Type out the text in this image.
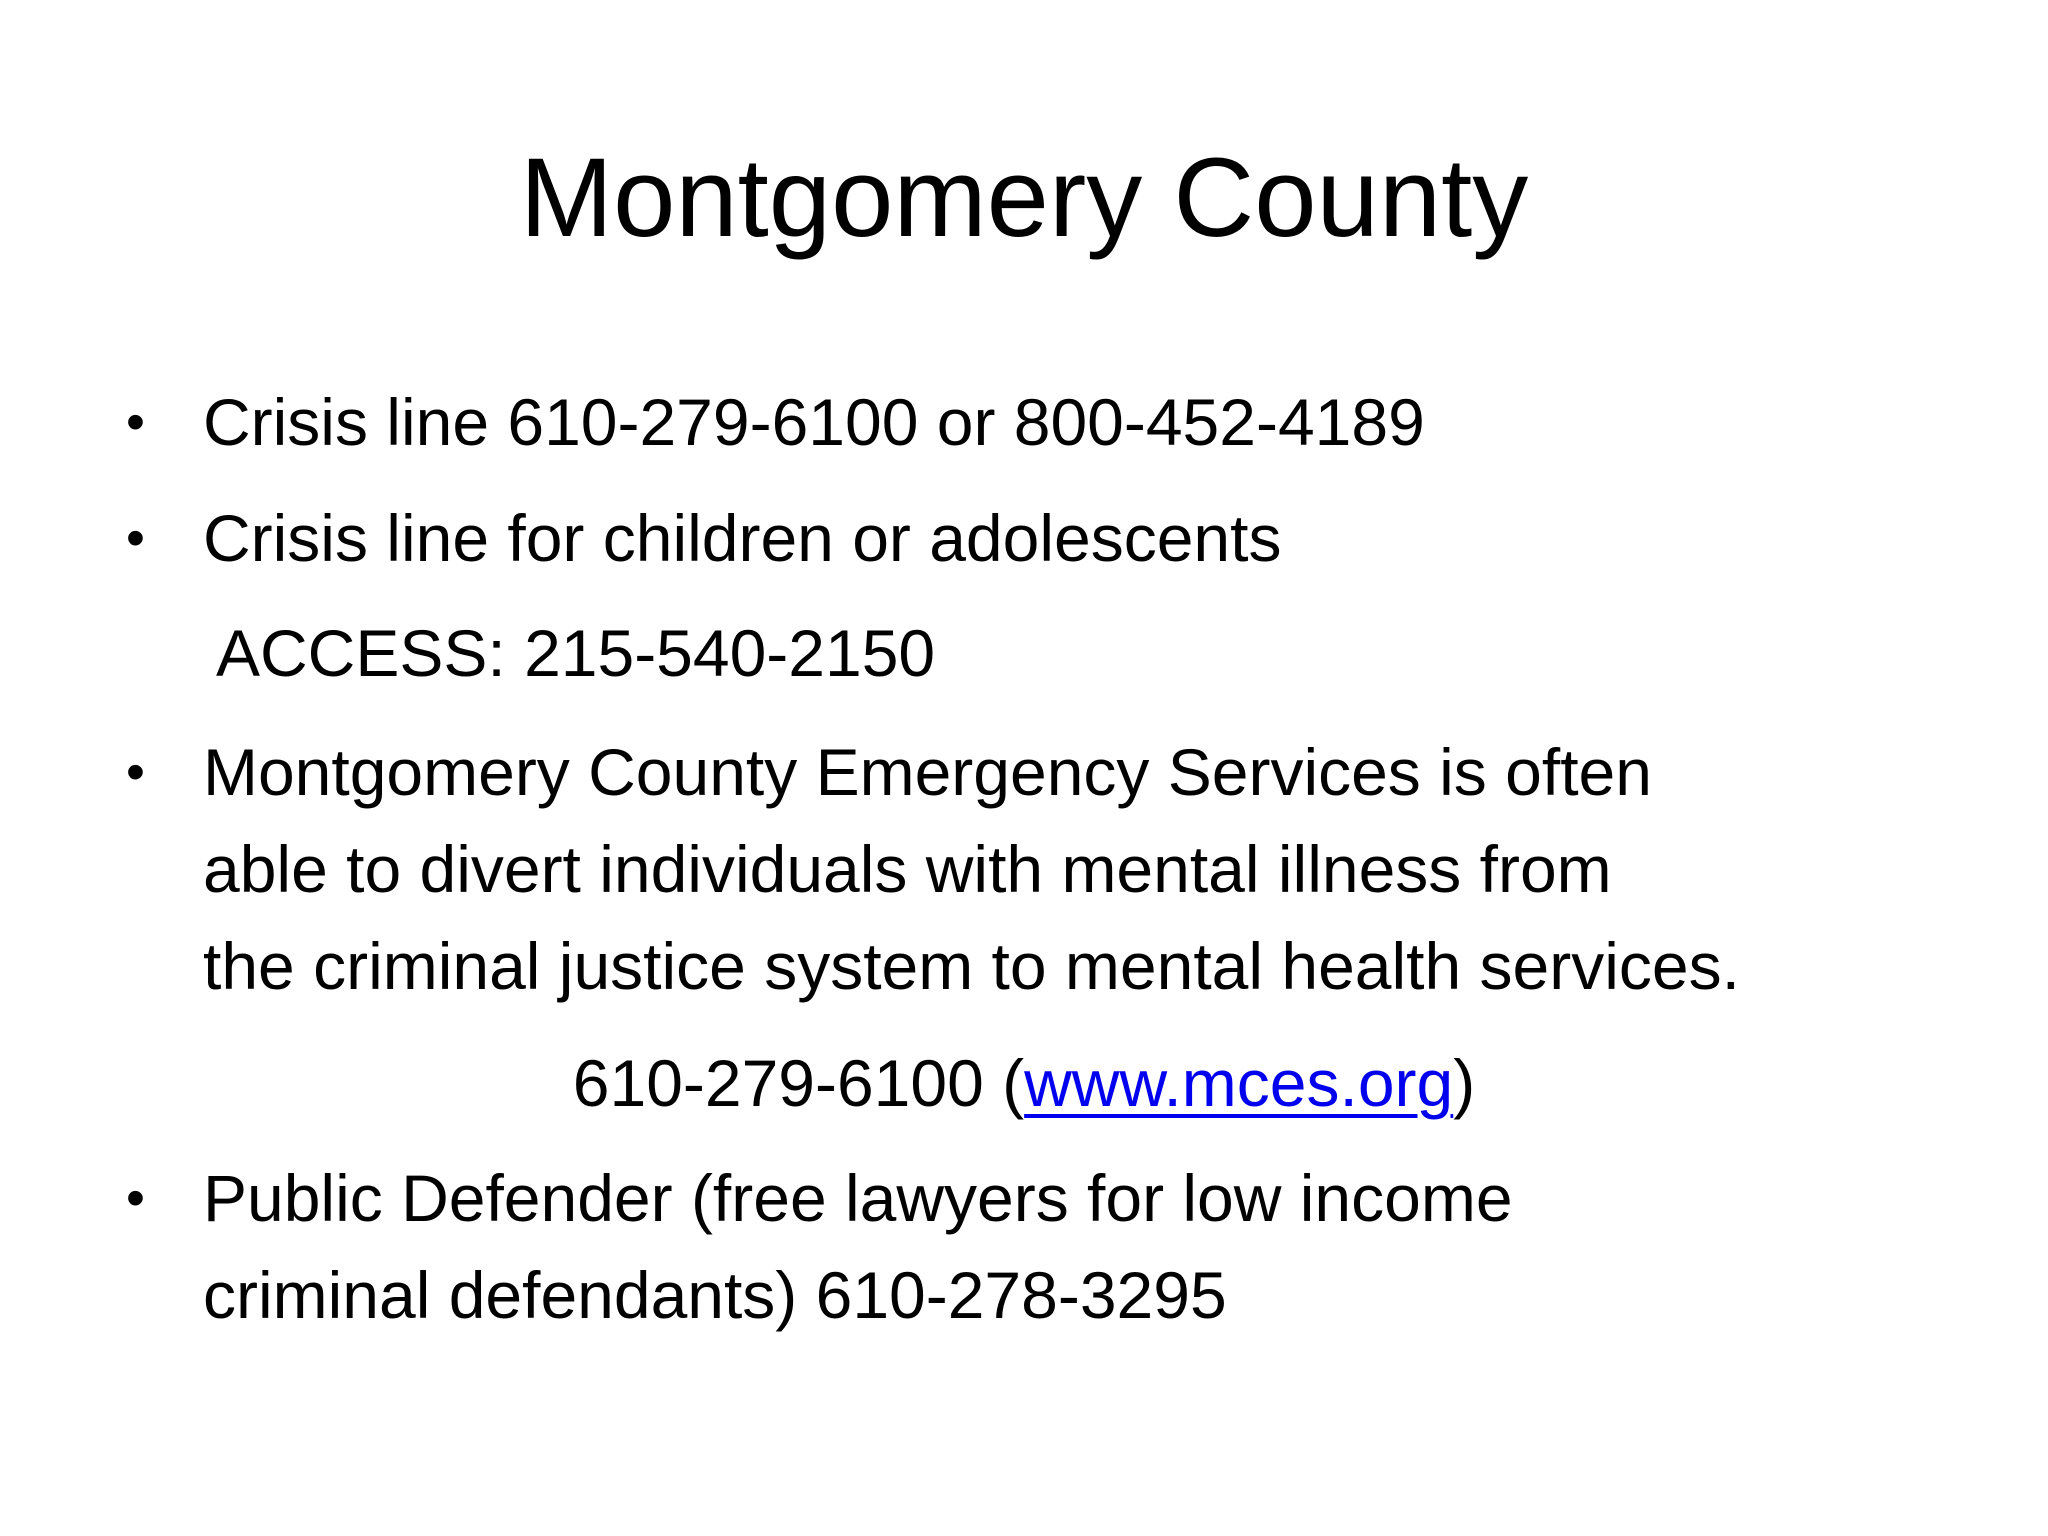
Montgomery County
• Crisis line 610-279-6100 or 800-452-4189
• Crisis line for children or adolescents
ACCESS: 215-540-2150
• Montgomery County Emergency Services is often
able to divert individuals with mental illness from
the criminal justice system to mental health services.
610-279-6100 (www.mces.org)
• Public Defender (free lawyers for low income
criminal defendants) 610-278-3295
